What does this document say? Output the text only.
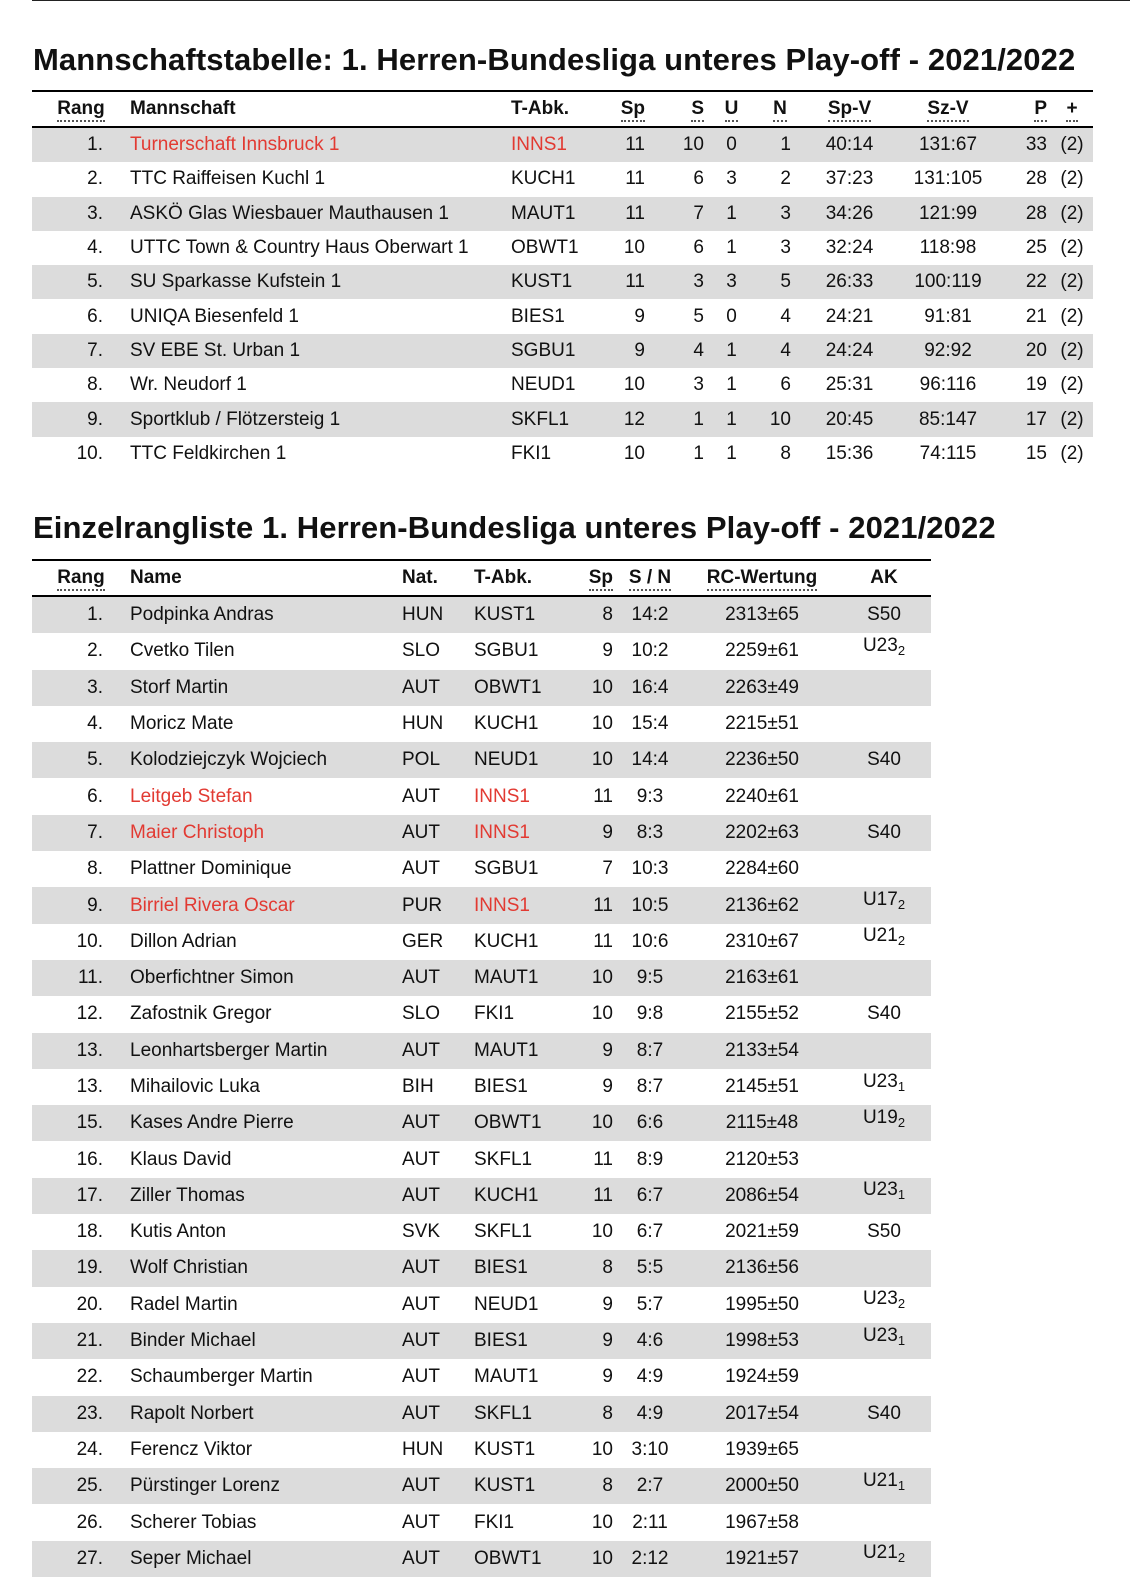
Mannschaftstabelle: 1. Herren-Bundesliga unteres Play-off - 2021/2022
Rang	Mannschaft	T-Abk.	Sp	S	U	N	Sp-V	Sz-V	P	+
1.	Turnerschaft Innsbruck 1	INNS1	11	10	0	1	40:14	131:67	33	(2)
2.	TTC Raiffeisen Kuchl 1	KUCH1	11	6	3	2	37:23	131:105	28	(2)
3.	ASKÖ Glas Wiesbauer Mauthausen 1	MAUT1	11	7	1	3	34:26	121:99	28	(2)
4.	UTTC Town & Country Haus Oberwart 1	OBWT1	10	6	1	3	32:24	118:98	25	(2)
5.	SU Sparkasse Kufstein 1	KUST1	11	3	3	5	26:33	100:119	22	(2)
6.	UNIQA Biesenfeld 1	BIES1	9	5	0	4	24:21	91:81	21	(2)
7.	SV EBE St. Urban 1	SGBU1	9	4	1	4	24:24	92:92	20	(2)
8.	Wr. Neudorf 1	NEUD1	10	3	1	6	25:31	96:116	19	(2)
9.	Sportklub / Flötzersteig 1	SKFL1	12	1	1	10	20:45	85:147	17	(2)
10.	TTC Feldkirchen 1	FKI1	10	1	1	8	15:36	74:115	15	(2)
Einzelrangliste 1. Herren-Bundesliga unteres Play-off - 2021/2022
Rang	Name	Nat.	T-Abk.	Sp	S / N	RC-Wertung	AK
1.	Podpinka Andras	HUN	KUST1	8	14:2	2313±65	S50
2.	Cvetko Tilen	SLO	SGBU1	9	10:2	2259±61	$U23_2$
3.	Storf Martin	AUT	OBWT1	10	16:4	2263±49	
4.	Moricz Mate	HUN	KUCH1	10	15:4	2215±51	
5.	Kolodziejczyk Wojciech	POL	NEUD1	10	14:4	2236±50	S40
6.	Leitgeb Stefan	AUT	INNS1	11	9:3	2240±61	
7.	Maier Christoph	AUT	INNS1	9	8:3	2202±63	S40
8.	Plattner Dominique	AUT	SGBU1	7	10:3	2284±60	
9.	Birriel Rivera Oscar	PUR	INNS1	11	10:5	2136±62	$U17_2$
10.	Dillon Adrian	GER	KUCH1	11	10:6	2310±67	$U21_2$
11.	Oberfichtner Simon	AUT	MAUT1	10	9:5	2163±61	
12.	Zafostnik Gregor	SLO	FKI1	10	9:8	2155±52	S40
13.	Leonhartsberger Martin	AUT	MAUT1	9	8:7	2133±54	
13.	Mihailovic Luka	BIH	BIES1	9	8:7	2145±51	$U23_1$
15.	Kases Andre Pierre	AUT	OBWT1	10	6:6	2115±48	$U19_2$
16.	Klaus David	AUT	SKFL1	11	8:9	2120±53	
17.	Ziller Thomas	AUT	KUCH1	11	6:7	2086±54	$U23_1$
18.	Kutis Anton	SVK	SKFL1	10	6:7	2021±59	S50
19.	Wolf Christian	AUT	BIES1	8	5:5	2136±56	
20.	Radel Martin	AUT	NEUD1	9	5:7	1995±50	$U23_2$
21.	Binder Michael	AUT	BIES1	9	4:6	1998±53	$U23_1$
22.	Schaumberger Martin	AUT	MAUT1	9	4:9	1924±59	
23.	Rapolt Norbert	AUT	SKFL1	8	4:9	2017±54	S40
24.	Ferencz Viktor	HUN	KUST1	10	3:10	1939±65	
25.	Pürstinger Lorenz	AUT	KUST1	8	2:7	2000±50	$U21_1$
26.	Scherer Tobias	AUT	FKI1	10	2:11	1967±58	
27.	Seper Michael	AUT	OBWT1	10	2:12	1921±57	$U21_2$
